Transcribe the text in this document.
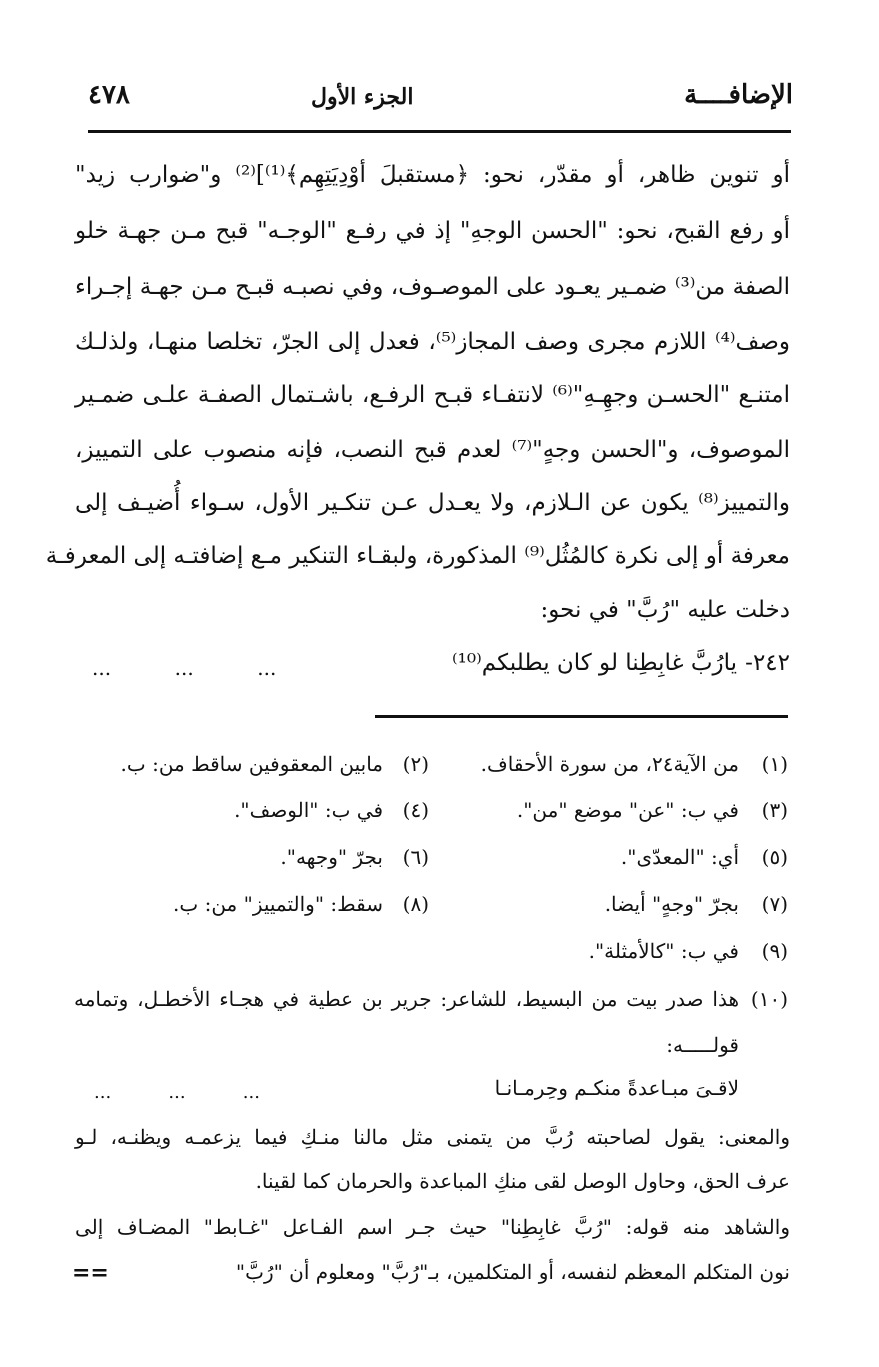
الإضافــــة
الجزء الأول
٤٧٨
أو تنوين ظاهر، أو مقدّر، نحو: ﴿مستقبلَ أوْدِيَتِهِم﴾⁽¹⁾]⁽²⁾ و"ضوارب زيد"
أو رفع القبح، نحو: "الحسن الوجهِ" إذ في رفـع "الوجـه" قبح مـن جهـة خلو
الصفة من⁽³⁾ ضمـير يعـود على الموصـوف، وفي نصبـه قبـح مـن جهـة إجـراء
وصف⁽⁴⁾ اللازم مجرى وصف المجاز⁽⁵⁾، فعدل إلى الجرّ، تخلصا منهـا، ولذلـك
امتنـع "الحسـن وجهِـهِ"⁽⁶⁾ لانتفـاء قبـح الرفـع، باشـتمال الصفـة علـى ضمـير
الموصوف، و"الحسن وجهٍ"⁽⁷⁾ لعدم قبح النصب، فإنه منصوب على التمييز،
والتمييز⁽⁸⁾ يكون عن الـلازم، ولا يعـدل عـن تنكـير الأول، سـواء أُضيـف إلى
معرفة أو إلى نكرة كالمُثُل⁽⁹⁾ المذكورة، ولبقـاء التنكير مـع إضافتـه إلى المعرفـة
دخلت عليه "رُبَّ" في نحو:
٢٤٢-
يارُبَّ غابِطِنا لو كان يطلبكم⁽¹⁰⁾
...          ...          ...
(١)
من الآية٢٤، من سورة الأحقاف.
(٢)
مابين المعقوفين ساقط من: ب.
(٣)
في ب: "عن" موضع "من".
(٤)
في ب: "الوصف".
(٥)
أي: "المعدّى".
(٦)
بجرّ "وجهه".
(٧)
بجرّ "وجهٍ" أيضا.
(٨)
سقط: "والتمييز" من: ب.
(٩)
في ب: "كالأمثلة".
(١٠)
هذا صدر بيت من البسيط، للشاعر: جرير بن عطية في هجـاء الأخطـل، وتمامه
قولـــــه:
لاقـىَ مبـاعدةً منكـم وحِرمـانـا
...          ...          ...
والمعنى: يقول لصاحبته رُبَّ من يتمنى مثل مالنا منـكِ فيما يزعمـه ويظنـه، لـو
عرف الحق، وحاول الوصل لقى منكِ المباعدة والحرمان كما لقينا.
والشاهد منه قوله: "رُبَّ غابِطِنا" حيث جـر اسم الفـاعل "غـابط" المضـاف إلى
نون المتكلم المعظم لنفسه، أو المتكلمين، بـ"رُبَّ" ومعلوم أن "رُبَّ"
==
